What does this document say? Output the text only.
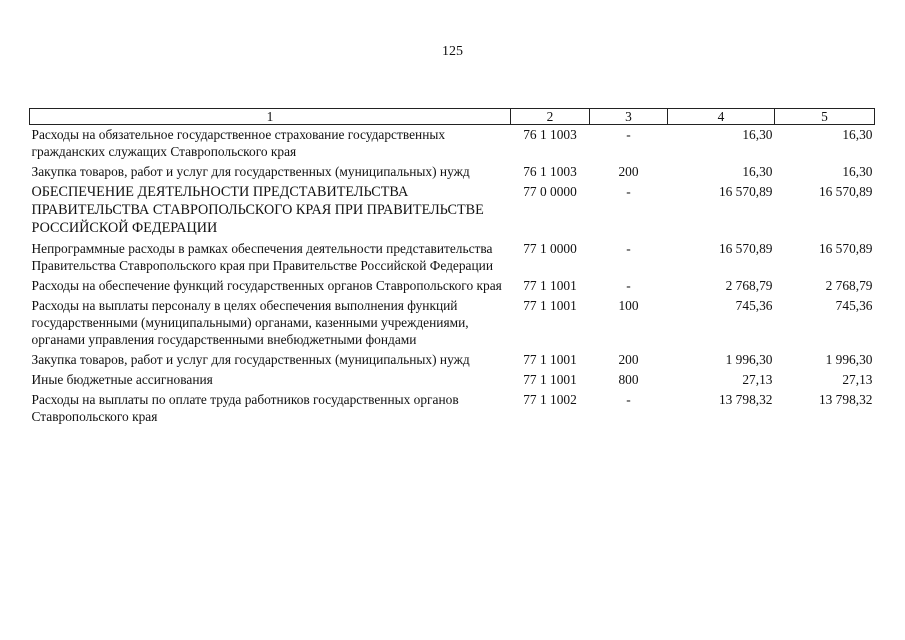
125
1	2	3	4	5
Расходы на обязательное государственное страхование государственных гражданских служащих Ставропольского края	76 1 1003	-	16,30	16,30
Закупка товаров, работ и услуг для государственных (муниципальных) нужд	76 1 1003	200	16,30	16,30
ОБЕСПЕЧЕНИЕ ДЕЯТЕЛЬНОСТИ ПРЕДСТАВИТЕЛЬСТВА ПРАВИТЕЛЬСТВА СТАВРОПОЛЬСКОГО КРАЯ ПРИ ПРАВИТЕЛЬСТВЕ РОССИЙСКОЙ ФЕДЕРАЦИИ	77 0 0000	-	16 570,89	16 570,89
Непрограммные расходы в рамках обеспечения деятельности представительства Правительства Ставропольского края при Правительстве Российской Федерации	77 1 0000	-	16 570,89	16 570,89
Расходы на обеспечение функций государственных органов Ставропольского края	77 1 1001	-	2 768,79	2 768,79
Расходы на выплаты персоналу в целях обеспечения выполнения функций государственными (муниципальными) органами, казенными учреждениями, органами управления государственными внебюджетными фондами	77 1 1001	100	745,36	745,36
Закупка товаров, работ и услуг для государственных (муниципальных) нужд	77 1 1001	200	1 996,30	1 996,30
Иные бюджетные ассигнования	77 1 1001	800	27,13	27,13
Расходы на выплаты по оплате труда работников государственных органов Ставропольского края	77 1 1002	-	13 798,32	13 798,32
